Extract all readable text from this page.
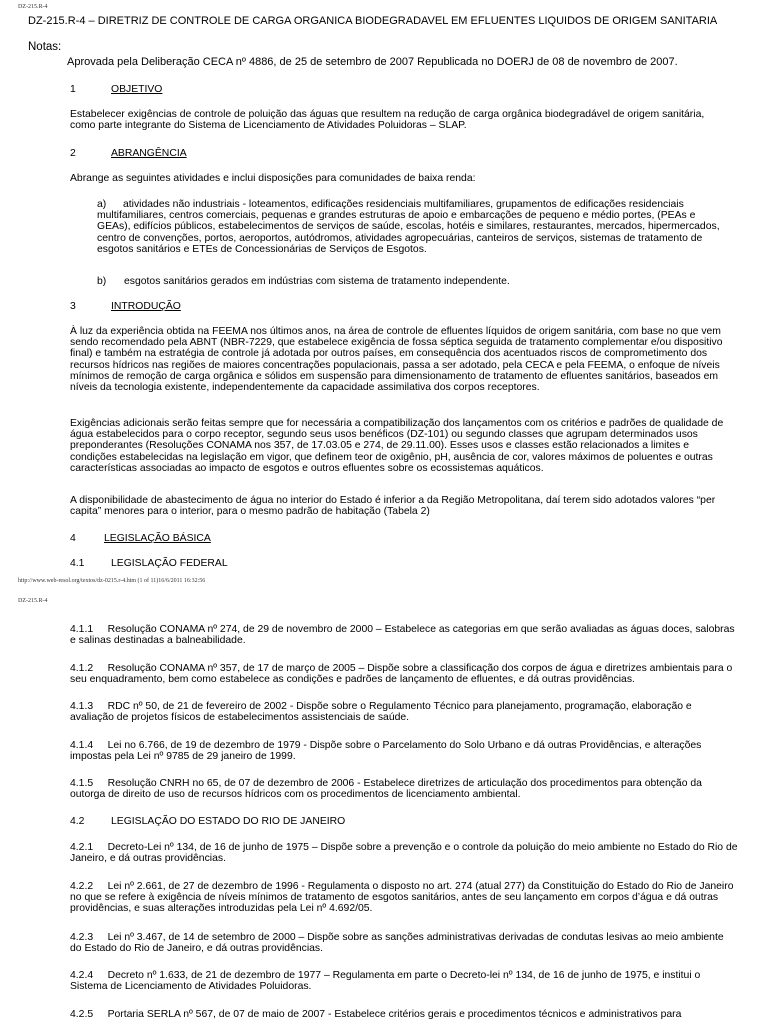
DZ-215.R-4
DZ-215.R-4 – DIRETRIZ DE CONTROLE DE CARGA ORGANICA BIODEGRADAVEL EM EFLUENTES LIQUIDOS DE ORIGEM SANITARIA
Notas:
Aprovada pela Deliberação CECA nº 4886, de 25 de setembro de 2007 Republicada no DOERJ de 08 de novembro de 2007.
1	OBJETIVO
Estabelecer exigências de controle de poluição das águas que resultem na redução de carga orgânica biodegradável de origem sanitária, como parte integrante do Sistema de Licenciamento de Atividades Poluidoras – SLAP.
2	ABRANGÊNCIA
Abrange as seguintes atividades e inclui disposições para comunidades de baixa renda:
a)	atividades não industriais - loteamentos, edificações residenciais multifamiliares, grupamentos de edificações residenciais multifamiliares, centros comerciais, pequenas e grandes estruturas de apoio e embarcações de pequeno e médio portes, (PEAs e GEAs), edifícios públicos, estabelecimentos de serviços de saúde, escolas, hotéis e similares, restaurantes, mercados, hipermercados, centro de convenções, portos, aeroportos, autódromos, atividades agropecuárias, canteiros de serviços, sistemas de tratamento de esgotos sanitários e ETEs de Concessionárias de Serviços de Esgotos.
b) esgotos sanitários gerados em indústrias com sistema de tratamento independente.
3	INTRODUÇÃO
À luz da experiência obtida na FEEMA nos últimos anos, na área de controle de efluentes líquidos de origem sanitária, com base no que vem sendo recomendado pela ABNT (NBR-7229, que estabelece exigência de fossa séptica seguida de tratamento complementar e/ou dispositivo final) e também na estratégia de controle já adotada por outros países, em consequência dos acentuados riscos de comprometimento dos recursos hídricos nas regiões de maiores concentrações populacionais, passa a ser adotado, pela CECA e pela FEEMA, o enfoque de níveis mínimos de remoção de carga orgânica e sólidos em suspensão para dimensionamento de tratamento de efluentes sanitários, baseados em níveis da tecnologia existente, independentemente da capacidade assimilativa dos corpos receptores.
Exigências adicionais serão feitas sempre que for necessária a compatibilização dos lançamentos com os critérios e padrões de qualidade de água estabelecidos para o corpo receptor, segundo seus usos benéficos (DZ-101) ou segundo classes que agrupam determinados usos preponderantes (Resoluções CONAMA nos 357, de 17.03.05 e 274, de 29.11.00). Esses usos e classes estão relacionados a limites e condições estabelecidas na legislação em vigor, que definem teor de oxigênio, pH, ausência de cor, valores máximos de poluentes e outras características associadas ao impacto de esgotos e outros efluentes sobre os ecossistemas aquáticos.
A disponibilidade de abastecimento de água no interior do Estado é inferior a da Região Metropolitana, daí terem sido adotados valores “per capita” menores para o interior, para o mesmo padrão de habitação (Tabela 2)
4	LEGISLAÇÃO BÁSICA
4.1	LEGISLAÇÃO FEDERAL
http://www.web-resol.org/textos/dz-0215.r-4.htm (1 of 11)16/6/2011 16:32:56
DZ-215.R-4
4.1.1 Resolução CONAMA nº 274, de 29 de novembro de 2000 – Estabelece as categorias em que serão avaliadas as águas doces, salobras e salinas destinadas a balneabilidade.
4.1.2 Resolução CONAMA nº 357, de 17 de março de 2005 – Dispõe sobre a classificação dos corpos de água e diretrizes ambientais para o seu enquadramento, bem como estabelece as condições e padrões de lançamento de efluentes, e dá outras providências.
4.1.3 RDC nº 50, de 21 de fevereiro de 2002 - Dispõe sobre o Regulamento Técnico para planejamento, programação, elaboração e avaliação de projetos físicos de estabelecimentos assistenciais de saúde.
4.1.4 Lei no 6.766, de 19 de dezembro de 1979 - Dispõe sobre o Parcelamento do Solo Urbano e dá outras Providências, e alterações impostas pela Lei nº 9785 de 29 janeiro de 1999.
4.1.5 Resolução CNRH no 65, de 07 de dezembro de 2006 - Estabelece diretrizes de articulação dos procedimentos para obtenção da outorga de direito de uso de recursos hídricos com os procedimentos de licenciamento ambiental.
4.2	LEGISLAÇÃO DO ESTADO DO RIO DE JANEIRO
4.2.1 Decreto-Lei nº 134, de 16 de junho de 1975 – Dispõe sobre a prevenção e o controle da poluição do meio ambiente no Estado do Rio de Janeiro, e dá outras providências.
4.2.2 Lei nº 2.661, de 27 de dezembro de 1996 - Regulamenta o disposto no art. 274 (atual 277) da Constituição do Estado do Rio de Janeiro no que se refere à exigência de níveis mínimos de tratamento de esgotos sanitários, antes de seu lançamento em corpos d’água e dá outras providências, e suas alterações introduzidas pela Lei nº 4.692/05.
4.2.3 Lei nº 3.467, de 14 de setembro de 2000 – Dispõe sobre as sanções administrativas derivadas de condutas lesivas ao meio ambiente do Estado do Rio de Janeiro, e dá outras providências.
4.2.4 Decreto nº 1.633, de 21 de dezembro de 1977 – Regulamenta em parte o Decreto-lei nº 134, de 16 de junho de 1975, e institui o Sistema de Licenciamento de Atividades Poluidoras.
4.2.5 Portaria SERLA nº 567, de 07 de maio de 2007 - Estabelece critérios gerais e procedimentos técnicos e administrativos para
